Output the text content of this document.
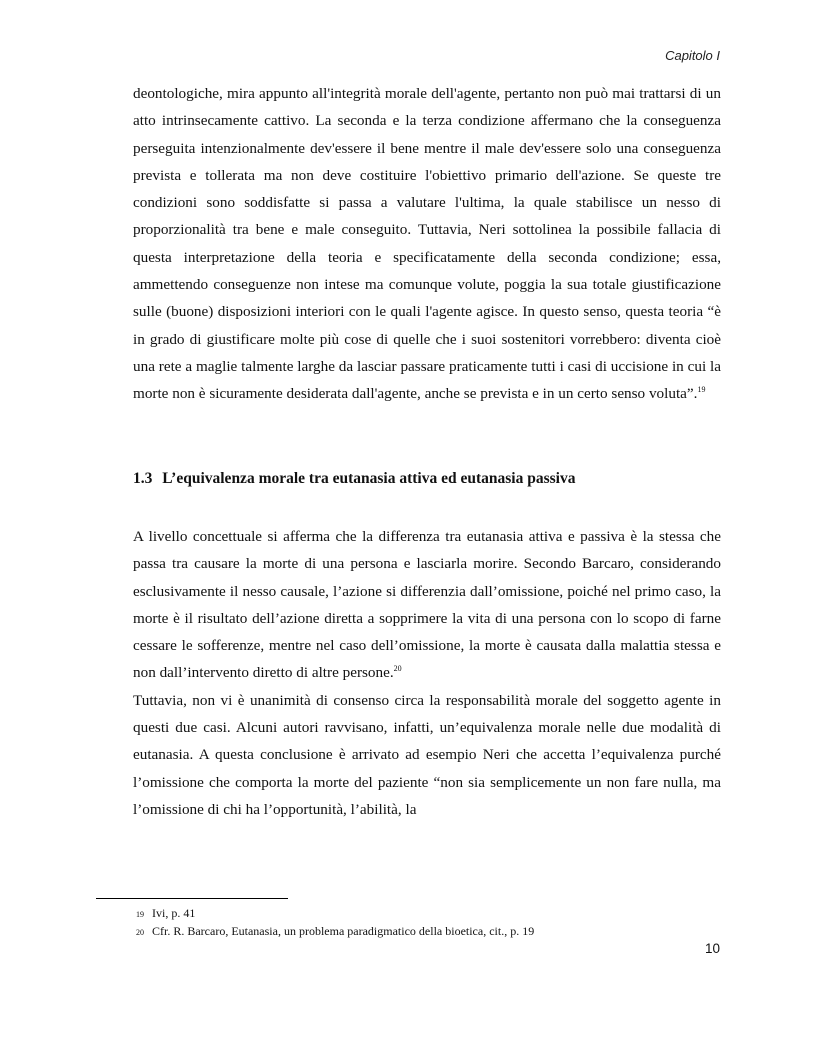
Capitolo I

deontologiche, mira appunto all'integrità morale dell'agente, pertanto non può mai trattarsi di un atto intrinsecamente cattivo. La seconda e la terza condizione affermano che la conseguenza perseguita intenzionalmente dev'essere il bene mentre il male dev'essere solo una conseguenza prevista e tollerata ma non deve costituire l'obiettivo primario dell'azione. Se queste tre condizioni sono soddisfatte si passa a valutare l'ultima, la quale stabilisce un nesso di proporzionalità tra bene e male conseguito. Tuttavia, Neri sottolinea la possibile fallacia di questa interpretazione della teoria e specificatamente della seconda condizione; essa, ammettendo conseguenze non intese ma comunque volute, poggia la sua totale giustificazione sulle (buone) disposizioni interiori con le quali l'agente agisce. In questo senso, questa teoria “è in grado di giustificare molte più cose di quelle che i suoi sostenitori vorrebbero: diventa cioè una rete a maglie talmente larghe da lasciar passare praticamente tutti i casi di uccisione in cui la morte non è sicuramente desiderata dall'agente, anche se prevista e in un certo senso voluta”.$^{19}$

1.3 L’equivalenza morale tra eutanasia attiva ed eutanasia passiva

A livello concettuale si afferma che la differenza tra eutanasia attiva e passiva è la stessa che passa tra causare la morte di una persona e lasciarla morire. Secondo Barcaro, considerando esclusivamente il nesso causale, l’azione si differenzia dall’omissione, poiché nel primo caso, la morte è il risultato dell’azione diretta a sopprimere la vita di una persona con lo scopo di farne cessare le sofferenze, mentre nel caso dell’omissione, la morte è causata dalla malattia stessa e non dall’intervento diretto di altre persone.$^{20}$

Tuttavia, non vi è unanimità di consenso circa la responsabilità morale del soggetto agente in questi due casi. Alcuni autori ravvisano, infatti, un’equivalenza morale nelle due modalità di eutanasia. A questa conclusione è arrivato ad esempio Neri che accetta l’equivalenza purché l’omissione che comporta la morte del paziente “non sia semplicemente un non fare nulla, ma l’omissione di chi ha l’opportunità, l’abilità, la

19 Ivi, p. 41
20 Cfr. R. Barcaro, Eutanasia, un problema paradigmatico della bioetica, cit., p. 19
10
